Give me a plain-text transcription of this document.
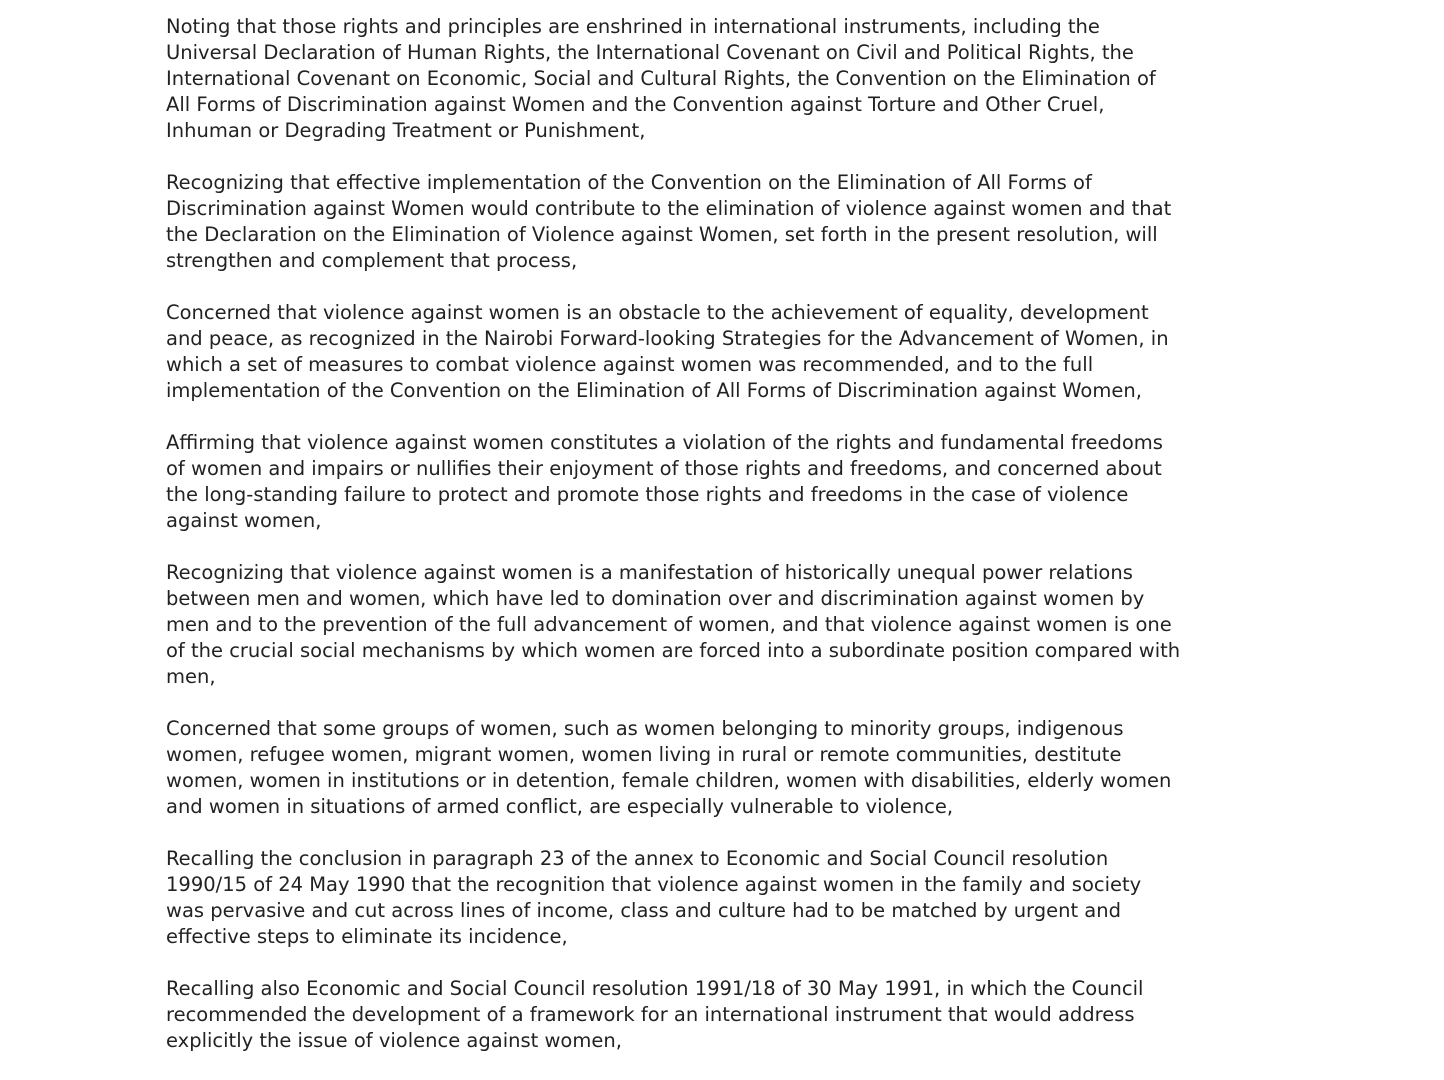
Noting that those rights and principles are enshrined in international instruments, including the
Universal Declaration of Human Rights, the International Covenant on Civil and Political Rights, the
International Covenant on Economic, Social and Cultural Rights, the Convention on the Elimination of
All Forms of Discrimination against Women and the Convention against Torture and Other Cruel,
Inhuman or Degrading Treatment or Punishment,

Recognizing that effective implementation of the Convention on the Elimination of All Forms of
Discrimination against Women would contribute to the elimination of violence against women and that
the Declaration on the Elimination of Violence against Women, set forth in the present resolution, will
strengthen and complement that process,

Concerned that violence against women is an obstacle to the achievement of equality, development
and peace, as recognized in the Nairobi Forward-looking Strategies for the Advancement of Women, in
which a set of measures to combat violence against women was recommended, and to the full
implementation of the Convention on the Elimination of All Forms of Discrimination against Women,

Affirming that violence against women constitutes a violation of the rights and fundamental freedoms
of women and impairs or nullifies their enjoyment of those rights and freedoms, and concerned about
the long-standing failure to protect and promote those rights and freedoms in the case of violence
against women,

Recognizing that violence against women is a manifestation of historically unequal power relations
between men and women, which have led to domination over and discrimination against women by
men and to the prevention of the full advancement of women, and that violence against women is one
of the crucial social mechanisms by which women are forced into a subordinate position compared with
men,

Concerned that some groups of women, such as women belonging to minority groups, indigenous
women, refugee women, migrant women, women living in rural or remote communities, destitute
women, women in institutions or in detention, female children, women with disabilities, elderly women
and women in situations of armed conflict, are especially vulnerable to violence,

Recalling the conclusion in paragraph 23 of the annex to Economic and Social Council resolution
1990/15 of 24 May 1990 that the recognition that violence against women in the family and society
was pervasive and cut across lines of income, class and culture had to be matched by urgent and
effective steps to eliminate its incidence,

Recalling also Economic and Social Council resolution 1991/18 of 30 May 1991, in which the Council
recommended the development of a framework for an international instrument that would address
explicitly the issue of violence against women,
